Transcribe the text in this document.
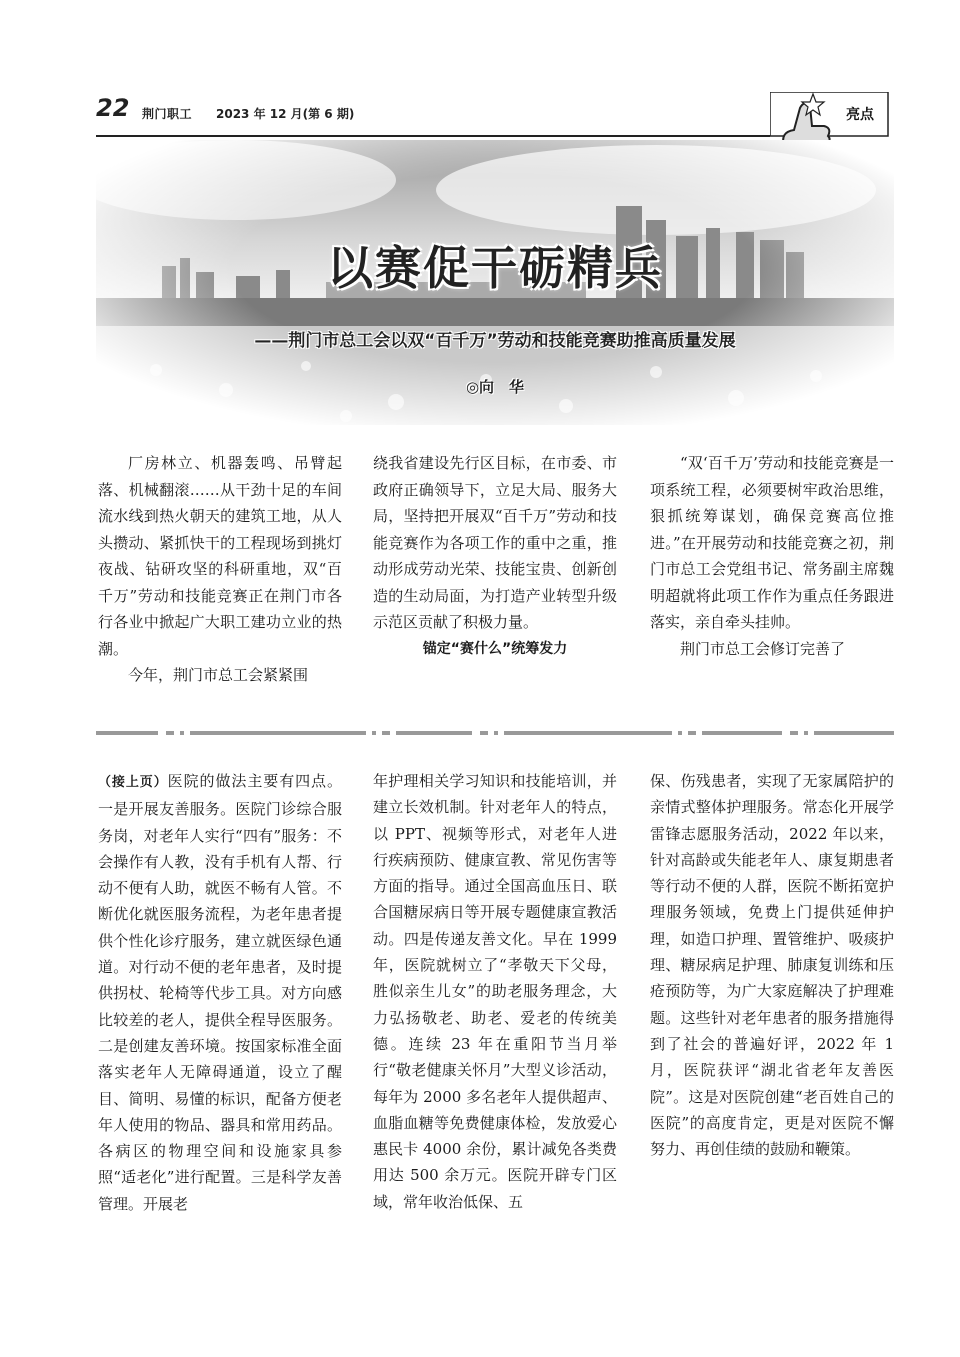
22 荆门职工 2023 年 12 月(第 6 期)	亮点
以赛促干砺精兵
——荆门市总工会以双“百千万”劳动和技能竞赛助推高质量发展
◎向　华

厂房林立、机器轰鸣、吊臂起落、机械翻滚……从干劲十足的车间流水线到热火朝天的建筑工地，从人头攒动、紧抓快干的工程现场到挑灯夜战、钻研攻坚的科研重地，双“百千万”劳动和技能竞赛正在荆门市各行各业中掀起广大职工建功立业的热潮。

今年，荆门市总工会紧紧围

绕我省建设先行区目标，在市委、市政府正确领导下，立足大局、服务大局，坚持把开展双“百千万”劳动和技能竞赛作为各项工作的重中之重，推动形成劳动光荣、技能宝贵、创新创造的生动局面，为打造产业转型升级示范区贡献了积极力量。

锚定“赛什么”统筹发力

“双‘百千万’劳动和技能竞赛是一项系统工程，必须要树牢政治思维，狠抓统筹谋划，确保竞赛高位推进。”在开展劳动和技能竞赛之初，荆门市总工会党组书记、常务副主席魏明超就将此项工作作为重点任务跟进落实，亲自牵头挂帅。

荆门市总工会修订完善了

（接上页）医院的做法主要有四点。一是开展友善服务。医院门诊综合服务岗，对老年人实行“四有”服务：不会操作有人教，没有手机有人帮、行动不便有人助，就医不畅有人管。不断优化就医服务流程，为老年患者提供个性化诊疗服务，建立就医绿色通道。对行动不便的老年患者，及时提供拐杖、轮椅等代步工具。对方向感比较差的老人，提供全程导医服务。二是创建友善环境。按国家标准全面落实老年人无障碍通道，设立了醒目、简明、易懂的标识，配备方便老年人使用的物品、器具和常用药品。各病区的物理空间和设施家具参照“适老化”进行配置。三是科学友善管理。开展老

年护理相关学习知识和技能培训，并建立长效机制。针对老年人的特点，以 PPT、视频等形式，对老年人进行疾病预防、健康宣教、常见伤害等方面的指导。通过全国高血压日、联合国糖尿病日等开展专题健康宣教活动。四是传递友善文化。早在 1999 年，医院就树立了“孝敬天下父母，胜似亲生儿女”的助老服务理念，大力弘扬敬老、助老、爱老的传统美德。连续 23 年在重阳节当月举行“敬老健康关怀月”大型义诊活动，每年为 2000 多名老年人提供超声、血脂血糖等免费健康体检，发放爱心惠民卡 4000 余份，累计减免各类费用达 500 余万元。医院开辟专门区域，常年收治低保、五

保、伤残患者，实现了无家属陪护的亲情式整体护理服务。常态化开展学雷锋志愿服务活动，2022 年以来，针对高龄或失能老年人、康复期患者等行动不便的人群，医院不断拓宽护理服务领域，免费上门提供延伸护理，如造口护理、置管维护、吸痰护理、糖尿病足护理、肺康复训练和压疮预防等，为广大家庭解决了护理难题。这些针对老年患者的服务措施得到了社会的普遍好评，2022 年 1 月，医院获评“湖北省老年友善医院”。这是对医院创建“老百姓自己的医院”的高度肯定，更是对医院不懈努力、再创佳绩的鼓励和鞭策。
